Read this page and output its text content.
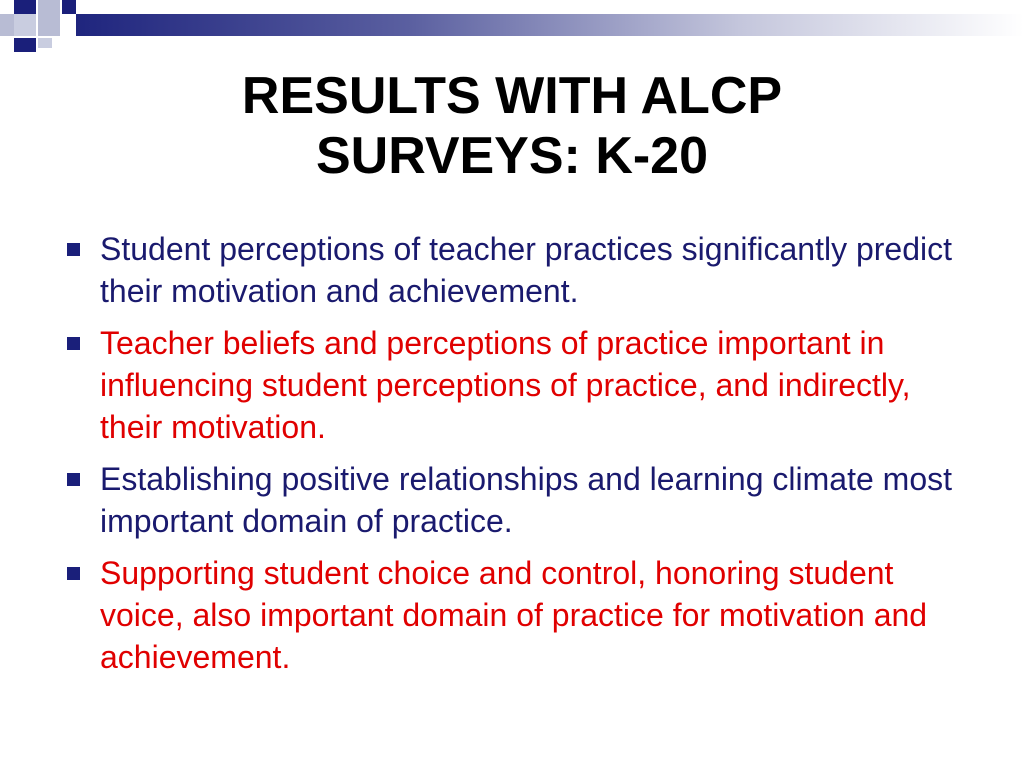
RESULTS WITH ALCP
SURVEYS: K-20
Student perceptions of teacher practices significantly predict their motivation and achievement.
Teacher beliefs and perceptions of practice important in influencing student perceptions of practice, and indirectly, their motivation.
Establishing positive relationships and learning climate most important domain of practice.
Supporting student choice and control, honoring student voice, also important domain of practice for motivation and achievement.
